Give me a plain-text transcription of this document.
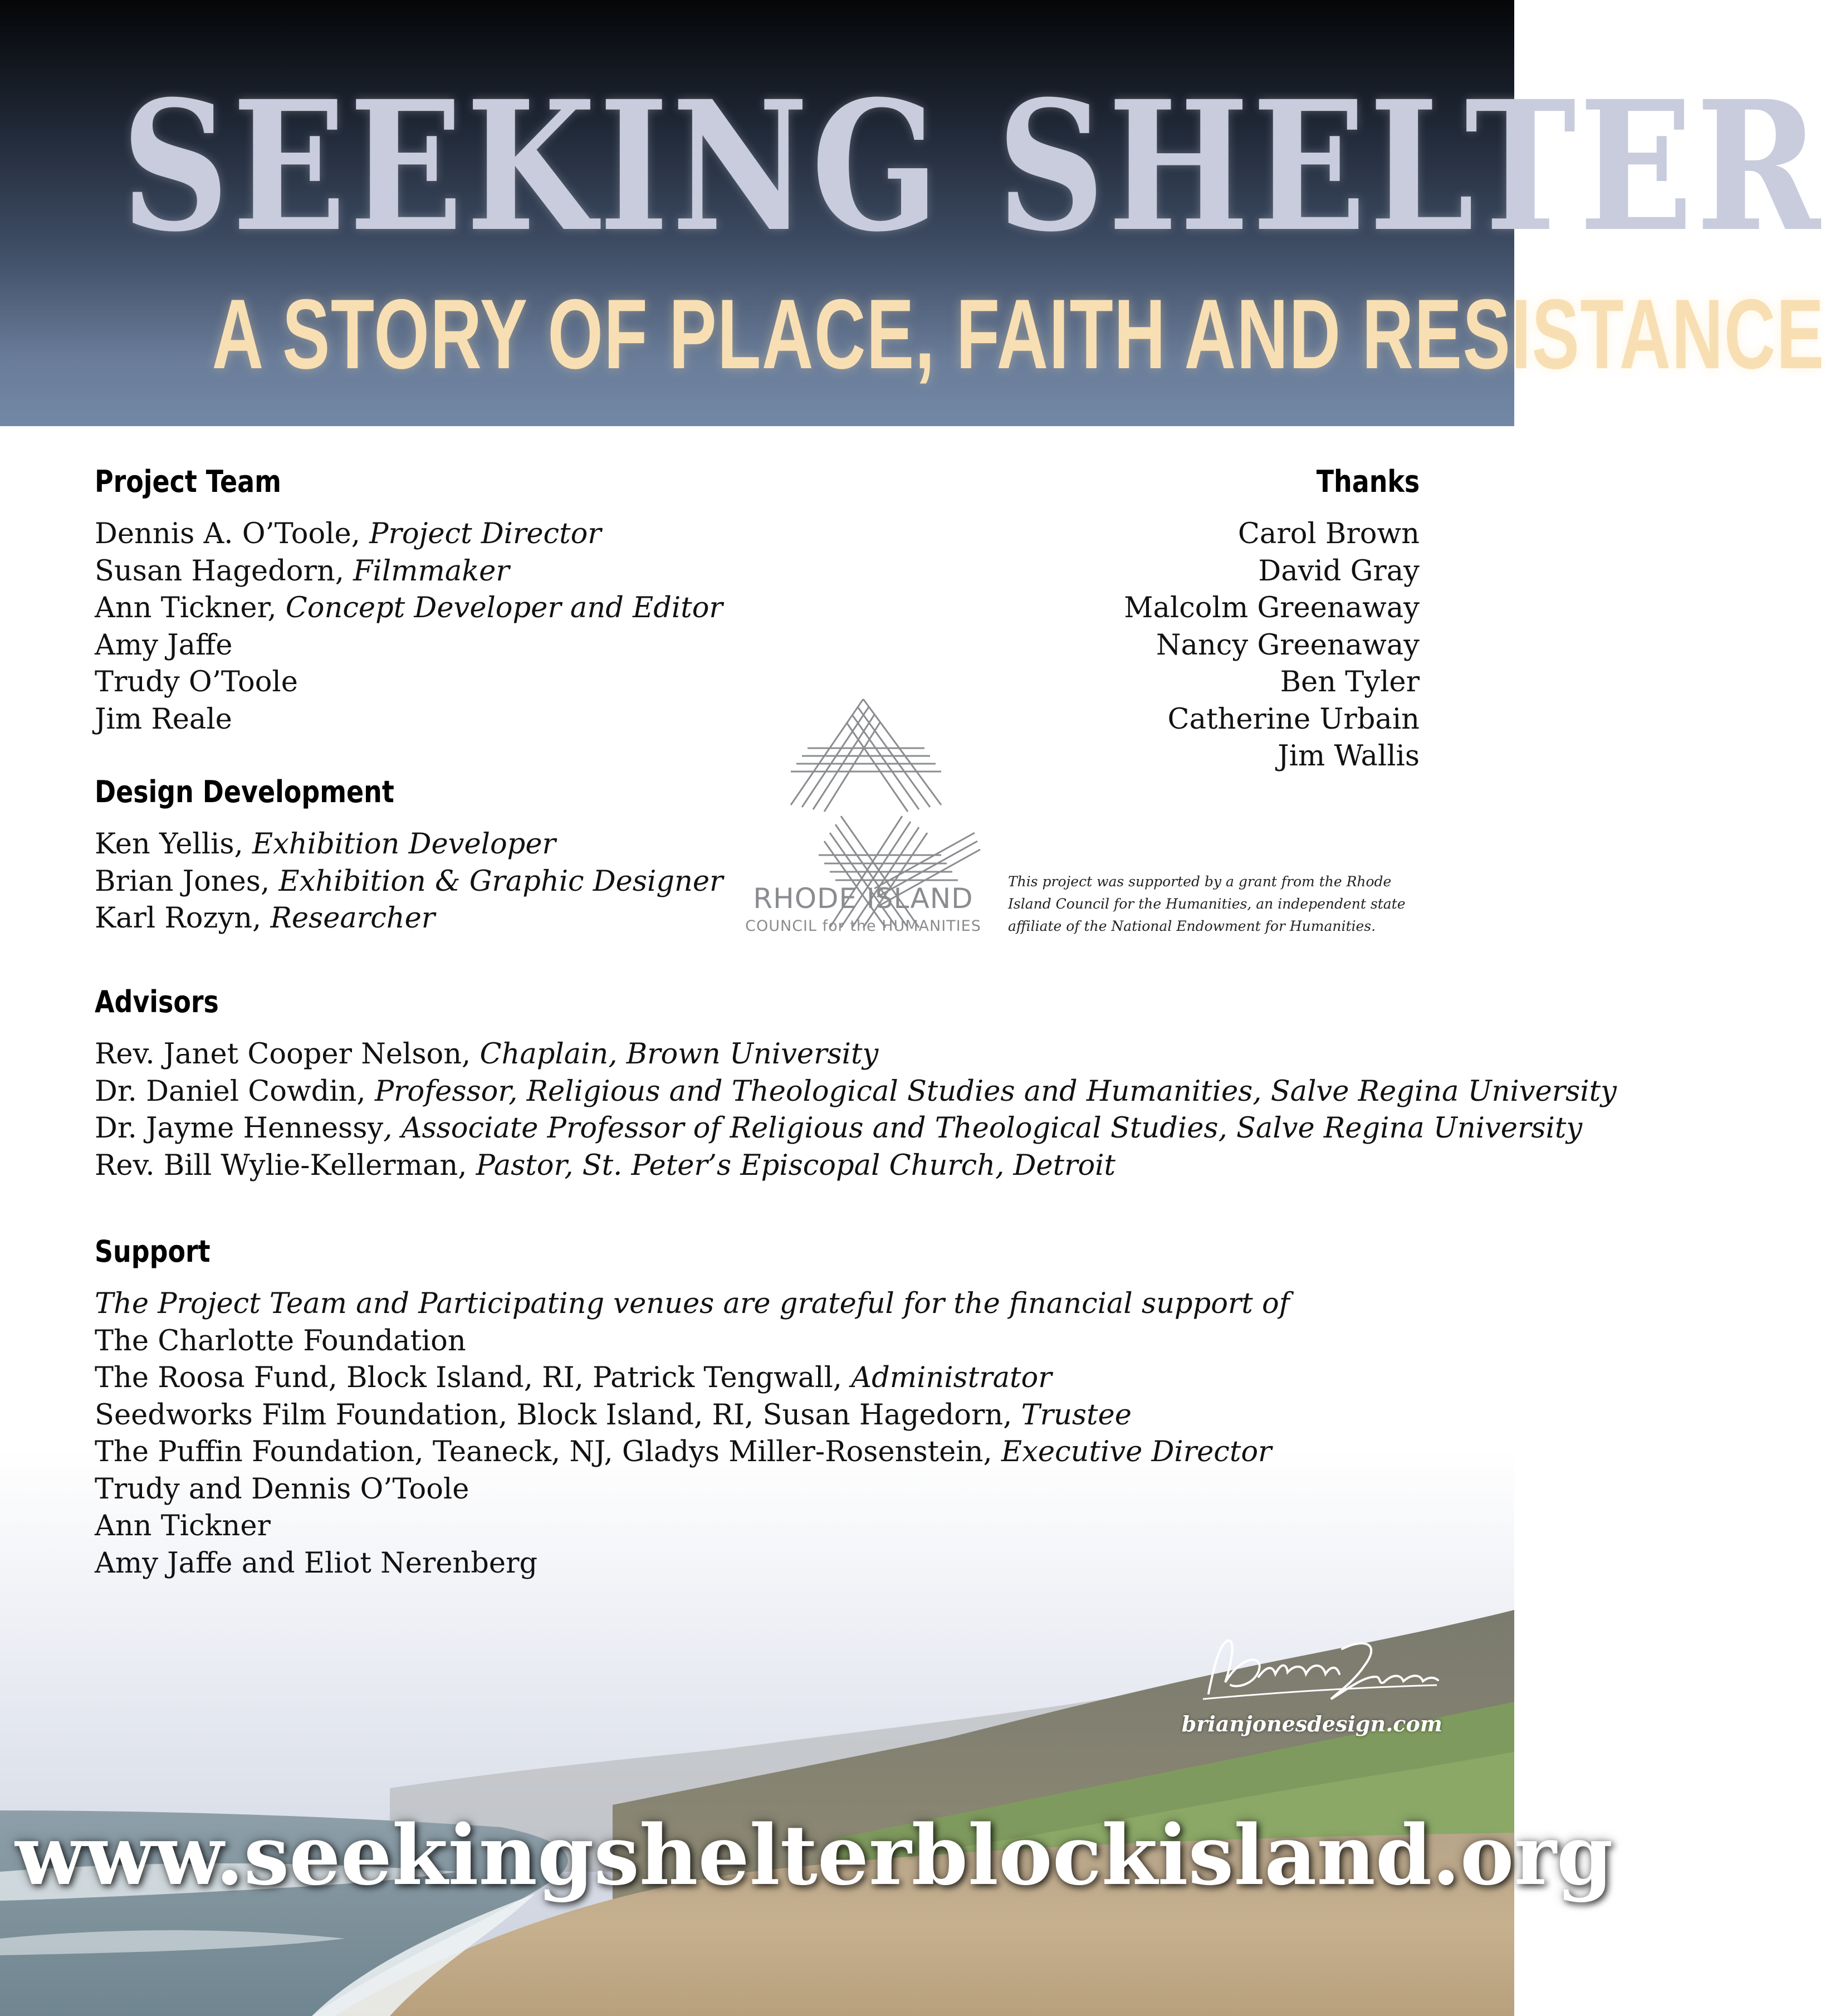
SEEKING SHELTER
A STORY OF PLACE, FAITH AND RESISTANCE
Project Team
Dennis A. O’Toole, Project Director
Susan Hagedorn, Filmmaker
Ann Tickner, Concept Developer and Editor
Amy Jaffe
Trudy O’Toole
Jim Reale
Thanks
Carol Brown
David Gray
Malcolm Greenaway
Nancy Greenaway
Ben Tyler
Catherine Urbain
Jim Wallis
Design Development
Ken Yellis, Exhibition Developer
Brian Jones, Exhibition & Graphic Designer
Karl Rozyn, Researcher
RHODE ISLAND
COUNCIL for the HUMANITIES
This project was supported by a grant from the Rhode Island Council for the Humanities, an independent state affiliate of the National Endowment for Humanities.
Advisors
Rev. Janet Cooper Nelson, Chaplain, Brown University
Dr. Daniel Cowdin, Professor, Religious and Theological Studies and Humanities, Salve Regina University
Dr. Jayme Hennessy, Associate Professor of Religious and Theological Studies, Salve Regina University
Rev. Bill Wylie-Kellerman, Pastor, St. Peter’s Episcopal Church, Detroit
Support
The Project Team and Participating venues are grateful for the financial support of
The Charlotte Foundation
The Roosa Fund, Block Island, RI, Patrick Tengwall, Administrator
Seedworks Film Foundation, Block Island, RI, Susan Hagedorn, Trustee
The Puffin Foundation, Teaneck, NJ, Gladys Miller-Rosenstein, Executive Director
Trudy and Dennis O’Toole
Ann Tickner
Amy Jaffe and Eliot Nerenberg
brianjonesdesign.com
www.seekingshelterblockisland.org
